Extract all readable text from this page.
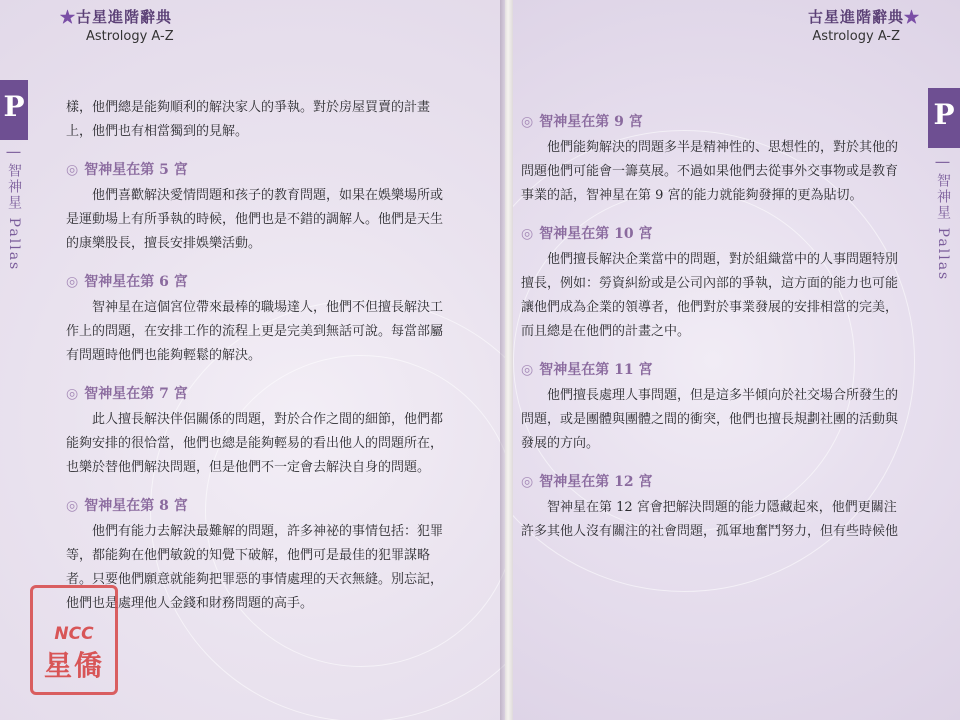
★古星進階辭典
Astrology A-Z
P
| 智神星 Pallas

樣，他們總是能夠順利的解決家人的爭執。對於房屋買賣的計畫

上，他們也有相當獨到的見解。

◎ 智神星在第 5 宮

他們喜歡解決愛情問題和孩子的教育問題，如果在娛樂場所或

是運動場上有所爭執的時候，他們也是不錯的調解人。他們是天生

的康樂股長，擅長安排娛樂活動。

◎ 智神星在第 6 宮

智神星在這個宮位帶來最棒的職場達人，他們不但擅長解決工

作上的問題，在安排工作的流程上更是完美到無話可說。每當部屬

有問題時他們也能夠輕鬆的解決。

◎ 智神星在第 7 宮

此人擅長解決伴侶關係的問題，對於合作之間的細節，他們都

能夠安排的很恰當，他們也總是能夠輕易的看出他人的問題所在，

也樂於替他們解決問題，但是他們不一定會去解決自身的問題。

◎ 智神星在第 8 宮

他們有能力去解決最難解的問題，許多神祕的事情包括：犯罪

等，都能夠在他們敏銳的知覺下破解，他們可是最佳的犯罪謀略

者。只要他們願意就能夠把罪惡的事情處理的天衣無縫。別忘記，

他們也是處理他人金錢和財務問題的高手。

古星進階辭典★
Astrology A-Z
P
| 智神星 Pallas
◎ 智神星在第 9 宮

他們能夠解決的問題多半是精神性的、思想性的，對於其他的

問題他們可能會一籌莫展。不過如果他們去從事外交事物或是教育

事業的話，智神星在第 9 宮的能力就能夠發揮的更為貼切。

◎ 智神星在第 10 宮

他們擅長解決企業當中的問題，對於組織當中的人事問題特別

擅長，例如：勞資糾紛或是公司內部的爭執，這方面的能力也可能

讓他們成為企業的領導者，他們對於事業發展的安排相當的完美，

而且總是在他們的計畫之中。

◎ 智神星在第 11 宮

他們擅長處理人事問題，但是這多半傾向於社交場合所發生的

問題，或是團體與團體之間的衝突，他們也擅長規劃社團的活動與

發展的方向。

◎ 智神星在第 12 宮

智神星在第 12 宮會把解決問題的能力隱藏起來，他們更關注

許多其他人沒有關注的社會問題，孤軍地奮鬥努力，但有些時候他

NCC
星僑
